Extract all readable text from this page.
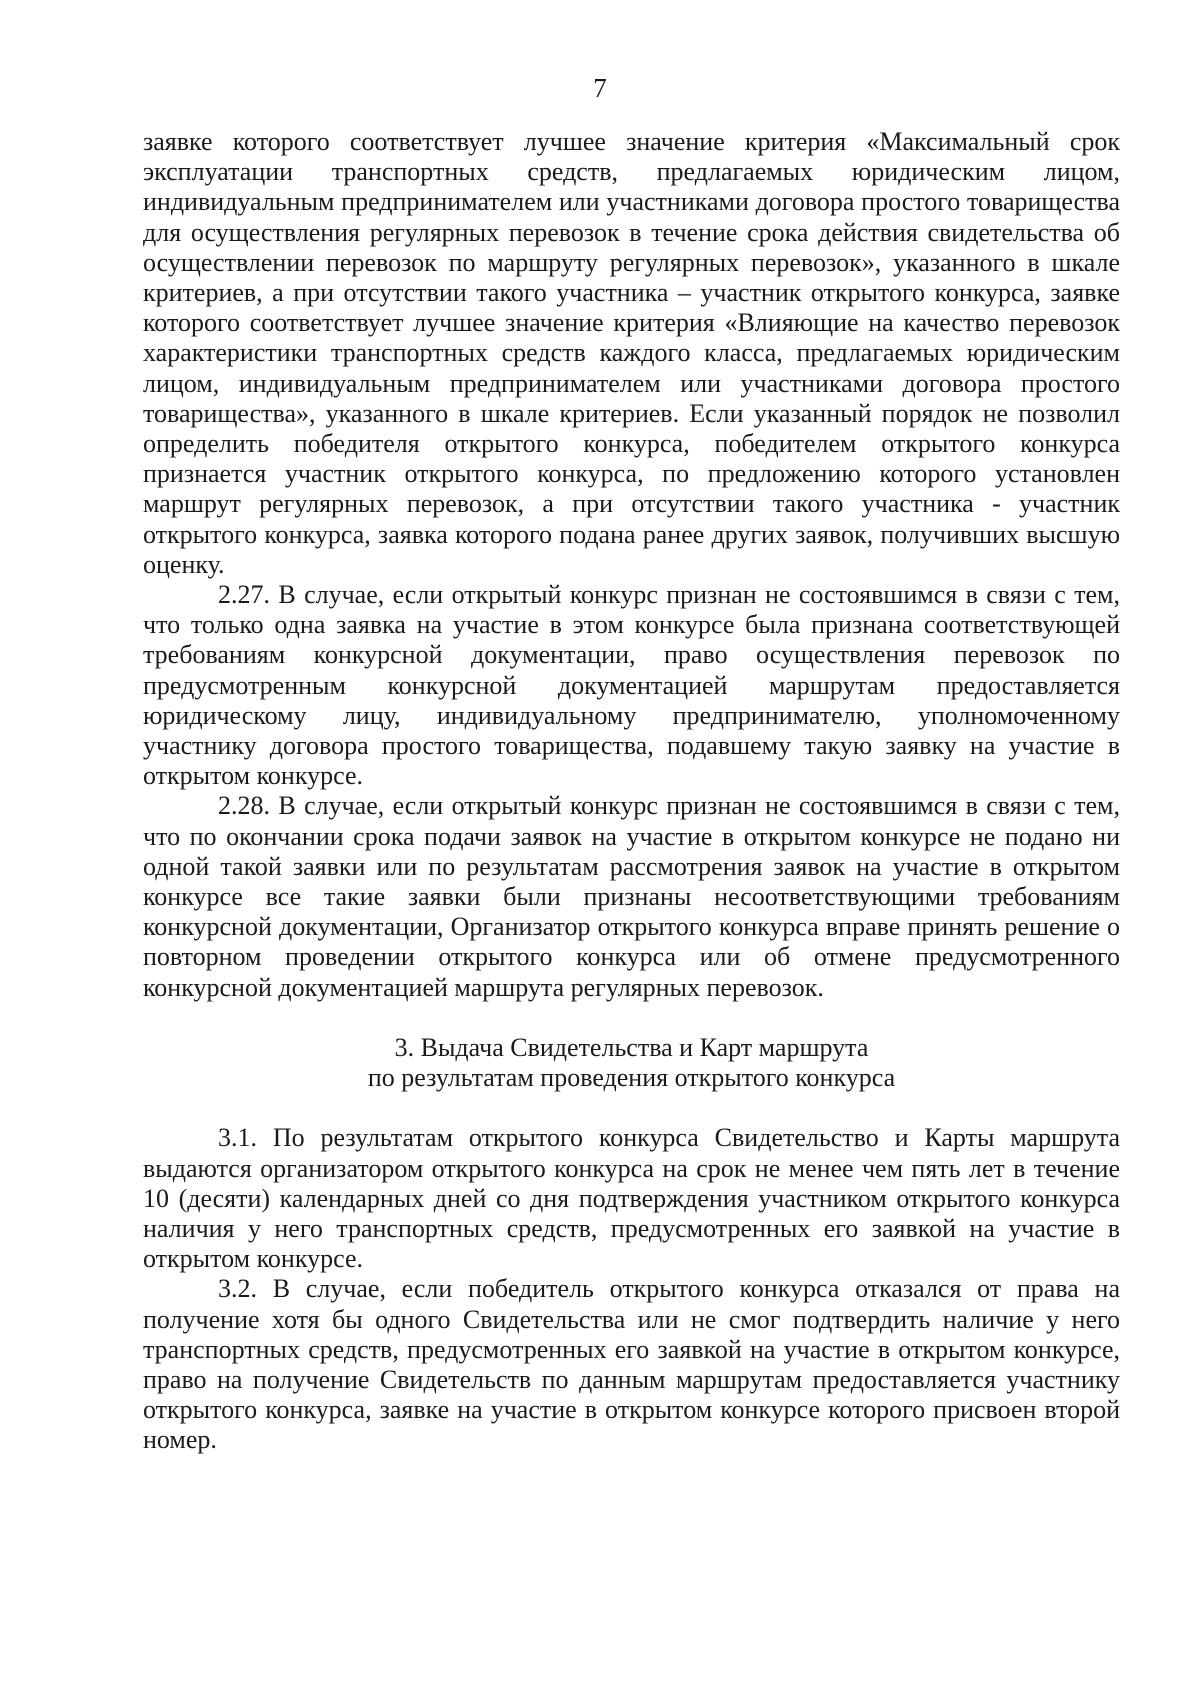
7

заявке которого соответствует лучшее значение критерия «Максимальный срок эксплуатации транспортных средств, предлагаемых юридическим лицом, индивидуальным предпринимателем или участниками договора простого товарищества для осуществления регулярных перевозок в течение срока действия свидетельства об осуществлении перевозок по маршруту регулярных перевозок», указанного в шкале критериев, а при отсутствии такого участника – участник открытого конкурса, заявке которого соответствует лучшее значение критерия «Влияющие на качество перевозок характеристики транспортных средств каждого класса, предлагаемых юридическим лицом, индивидуальным предпринимателем или участниками договора простого товарищества», указанного в шкале критериев. Если указанный порядок не позволил определить победителя открытого конкурса, победителем открытого конкурса признается участник открытого конкурса, по предложению которого установлен маршрут регулярных перевозок, а при отсутствии такого участника - участник открытого конкурса, заявка которого подана ранее других заявок, получивших высшую оценку.

2.27. В случае, если открытый конкурс признан не состоявшимся в связи с тем, что только одна заявка на участие в этом конкурсе была признана соответствующей требованиям конкурсной документации, право осуществления перевозок по предусмотренным конкурсной документацией маршрутам предоставляется юридическому лицу, индивидуальному предпринимателю, уполномоченному участнику договора простого товарищества, подавшему такую заявку на участие в открытом конкурсе.

2.28. В случае, если открытый конкурс признан не состоявшимся в связи с тем, что по окончании срока подачи заявок на участие в открытом конкурсе не подано ни одной такой заявки или по результатам рассмотрения заявок на участие в открытом конкурсе все такие заявки были признаны несоответствующими требованиям конкурсной документации, Организатор открытого конкурса вправе принять решение о повторном проведении открытого конкурса или об отмене предусмотренного конкурсной документацией маршрута регулярных перевозок.

3. Выдача Свидетельства и Карт маршрута
по результатам проведения открытого конкурса

3.1. По результатам открытого конкурса Свидетельство и Карты маршрута выдаются организатором открытого конкурса на срок не менее чем пять лет в течение 10 (десяти) календарных дней со дня подтверждения участником открытого конкурса наличия у него транспортных средств, предусмотренных его заявкой на участие в открытом конкурсе.

3.2. В случае, если победитель открытого конкурса отказался от права на получение хотя бы одного Свидетельства или не смог подтвердить наличие у него транспортных средств, предусмотренных его заявкой на участие в открытом конкурсе, право на получение Свидетельств по данным маршрутам предоставляется участнику открытого конкурса, заявке на участие в открытом конкурсе которого присвоен второй номер.
